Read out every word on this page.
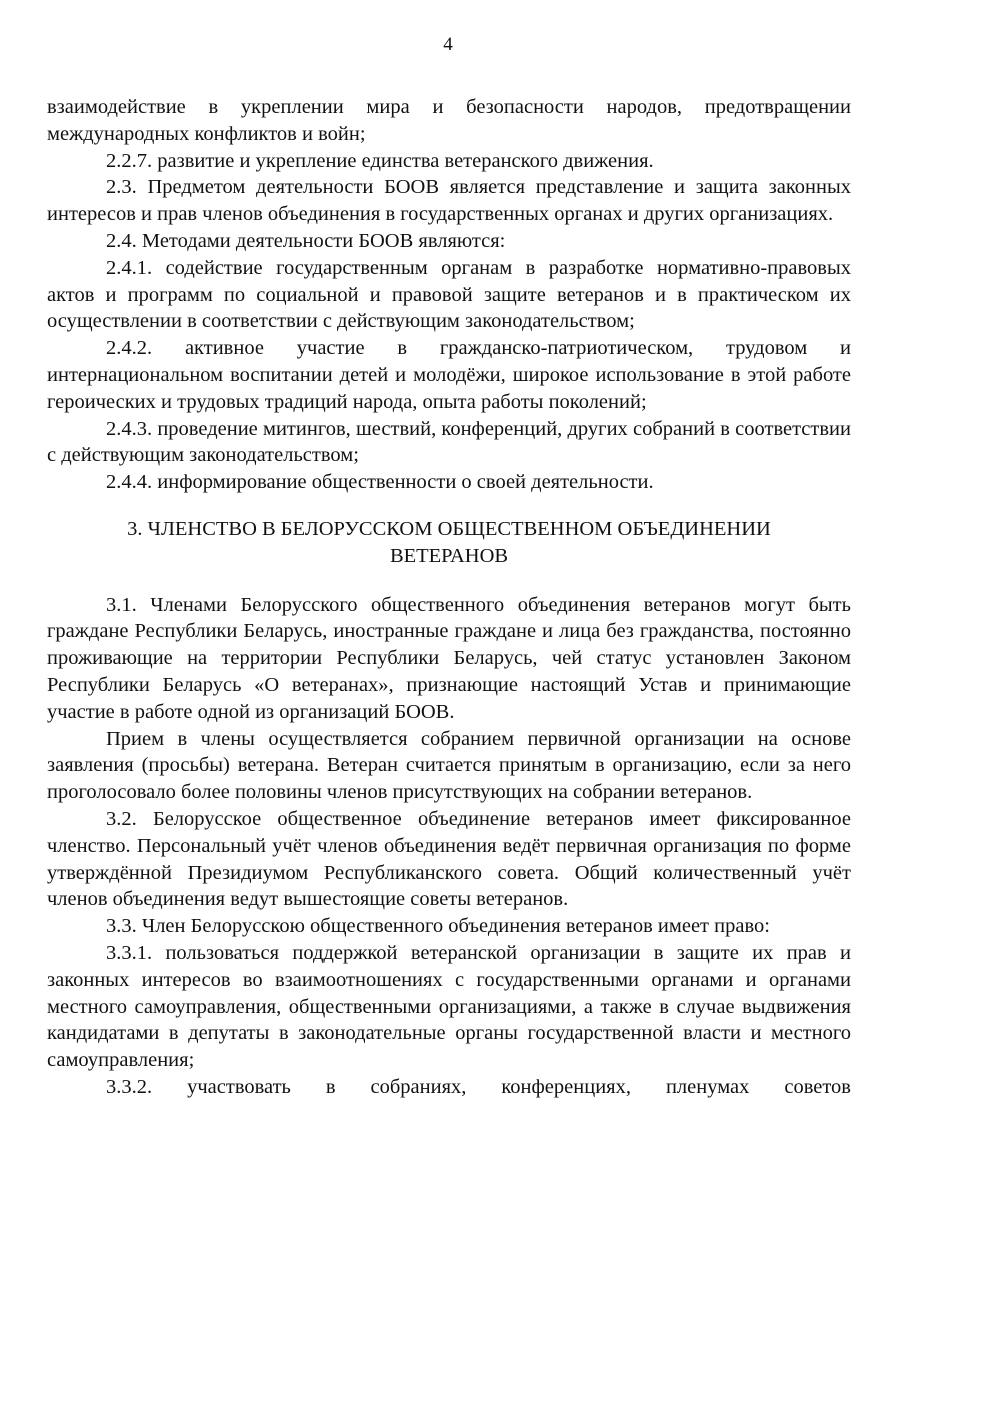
4

взаимодействие в укреплении мира и безопасности народов, предотвращении международных конфликтов и войн;

2.2.7. развитие и укрепление единства ветеранского движения.

2.3. Предметом деятельности БООВ является представление и защита законных интересов и прав членов объединения в государственных органах и других организациях.

2.4. Методами деятельности БООВ являются:

2.4.1. содействие государственным органам в разработке нормативно-правовых актов и программ по социальной и правовой защите ветеранов и в практическом их осуществлении в соответствии с действующим законодательством;

2.4.2. активное участие в гражданско-патриотическом, трудовом и интернациональном воспитании детей и молодёжи, широкое использование в этой работе героических и трудовых традиций народа, опыта работы поколений;

2.4.3. проведение митингов, шествий, конференций, других собраний в соответствии с действующим законодательством;

2.4.4. информирование общественности о своей деятельности.

3. ЧЛЕНСТВО В БЕЛОРУССКОМ ОБЩЕСТВЕННОМ ОБЪЕДИНЕНИИ ВЕТЕРАНОВ

3.1. Членами Белорусского общественного объединения ветеранов могут быть граждане Республики Беларусь, иностранные граждане и лица без гражданства, постоянно проживающие на территории Республики Беларусь, чей статус установлен Законом Республики Беларусь «О ветеранах», признающие настоящий Устав и принимающие участие в работе одной из организаций БООВ.

Прием в члены осуществляется собранием первичной организации на основе заявления (просьбы) ветерана. Ветеран считается принятым в организацию, если за него проголосовало более половины членов присутствующих на собрании ветеранов.

3.2. Белорусское общественное объединение ветеранов имеет фиксированное членство. Персональный учёт членов объединения ведёт первичная организация по форме утверждённой Президиумом Республиканского совета. Общий количественный учёт членов объединения ведут вышестоящие советы ветеранов.

3.3. Член Белорусскою общественного объединения ветеранов имеет право:

3.3.1. пользоваться поддержкой ветеранской организации в защите их прав и законных интересов во взаимоотношениях с государственными органами и органами местного самоуправления, общественными организациями, а также в случае выдвижения кандидатами в депутаты в законодательные органы государственной власти и местного самоуправления;

3.3.2. участвовать в собраниях, конференциях, пленумах советов
